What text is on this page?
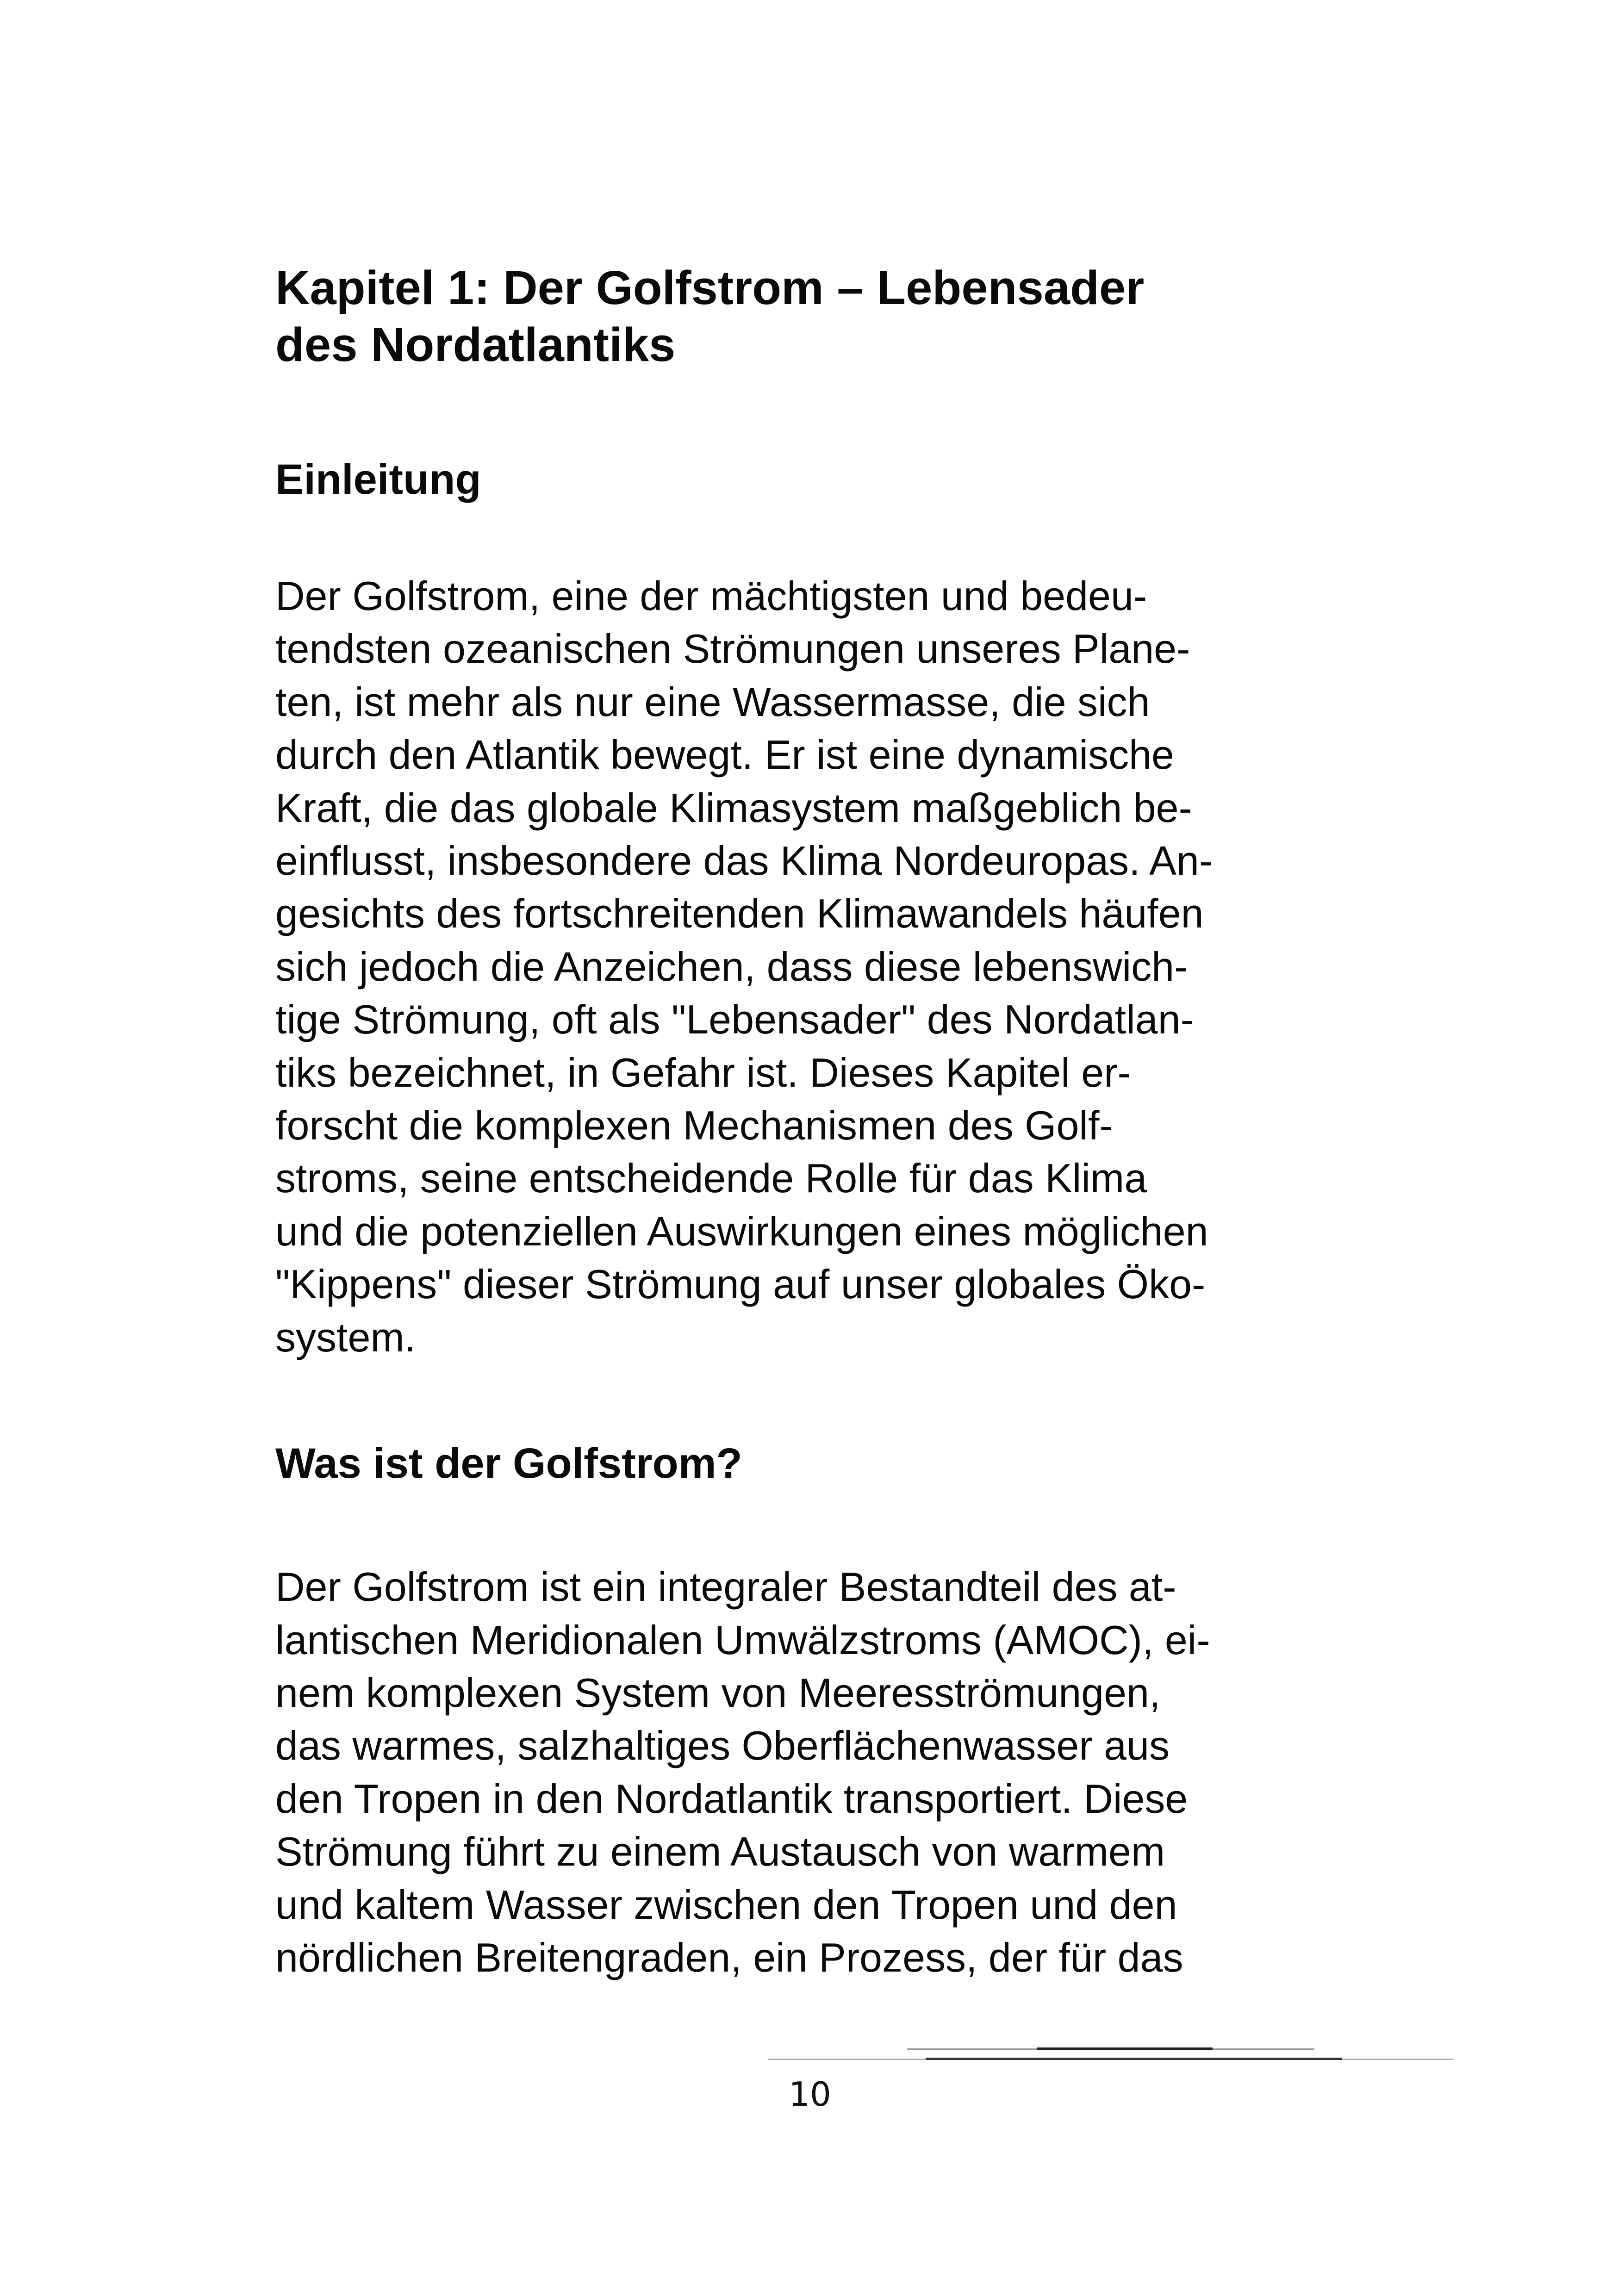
Kapitel 1: Der Golfstrom – Lebensader
des Nordatlantiks
Einleitung

Der Golfstrom, eine der mächtigsten und bedeu-
tendsten ozeanischen Strömungen unseres Plane-
ten, ist mehr als nur eine Wassermasse, die sich
durch den Atlantik bewegt. Er ist eine dynamische
Kraft, die das globale Klimasystem maßgeblich be-
einflusst, insbesondere das Klima Nordeuropas. An-
gesichts des fortschreitenden Klimawandels häufen
sich jedoch die Anzeichen, dass diese lebenswich-
tige Strömung, oft als "Lebensader" des Nordatlan-
tiks bezeichnet, in Gefahr ist. Dieses Kapitel er-
forscht die komplexen Mechanismen des Golf-
stroms, seine entscheidende Rolle für das Klima
und die potenziellen Auswirkungen eines möglichen
"Kippens" dieser Strömung auf unser globales Öko-
system.

Was ist der Golfstrom?

Der Golfstrom ist ein integraler Bestandteil des at-
lantischen Meridionalen Umwälzstroms (AMOC), ei-
nem komplexen System von Meeresströmungen,
das warmes, salzhaltiges Oberflächenwasser aus
den Tropen in den Nordatlantik transportiert. Diese
Strömung führt zu einem Austausch von warmem
und kaltem Wasser zwischen den Tropen und den
nördlichen Breitengraden, ein Prozess, der für das

10
